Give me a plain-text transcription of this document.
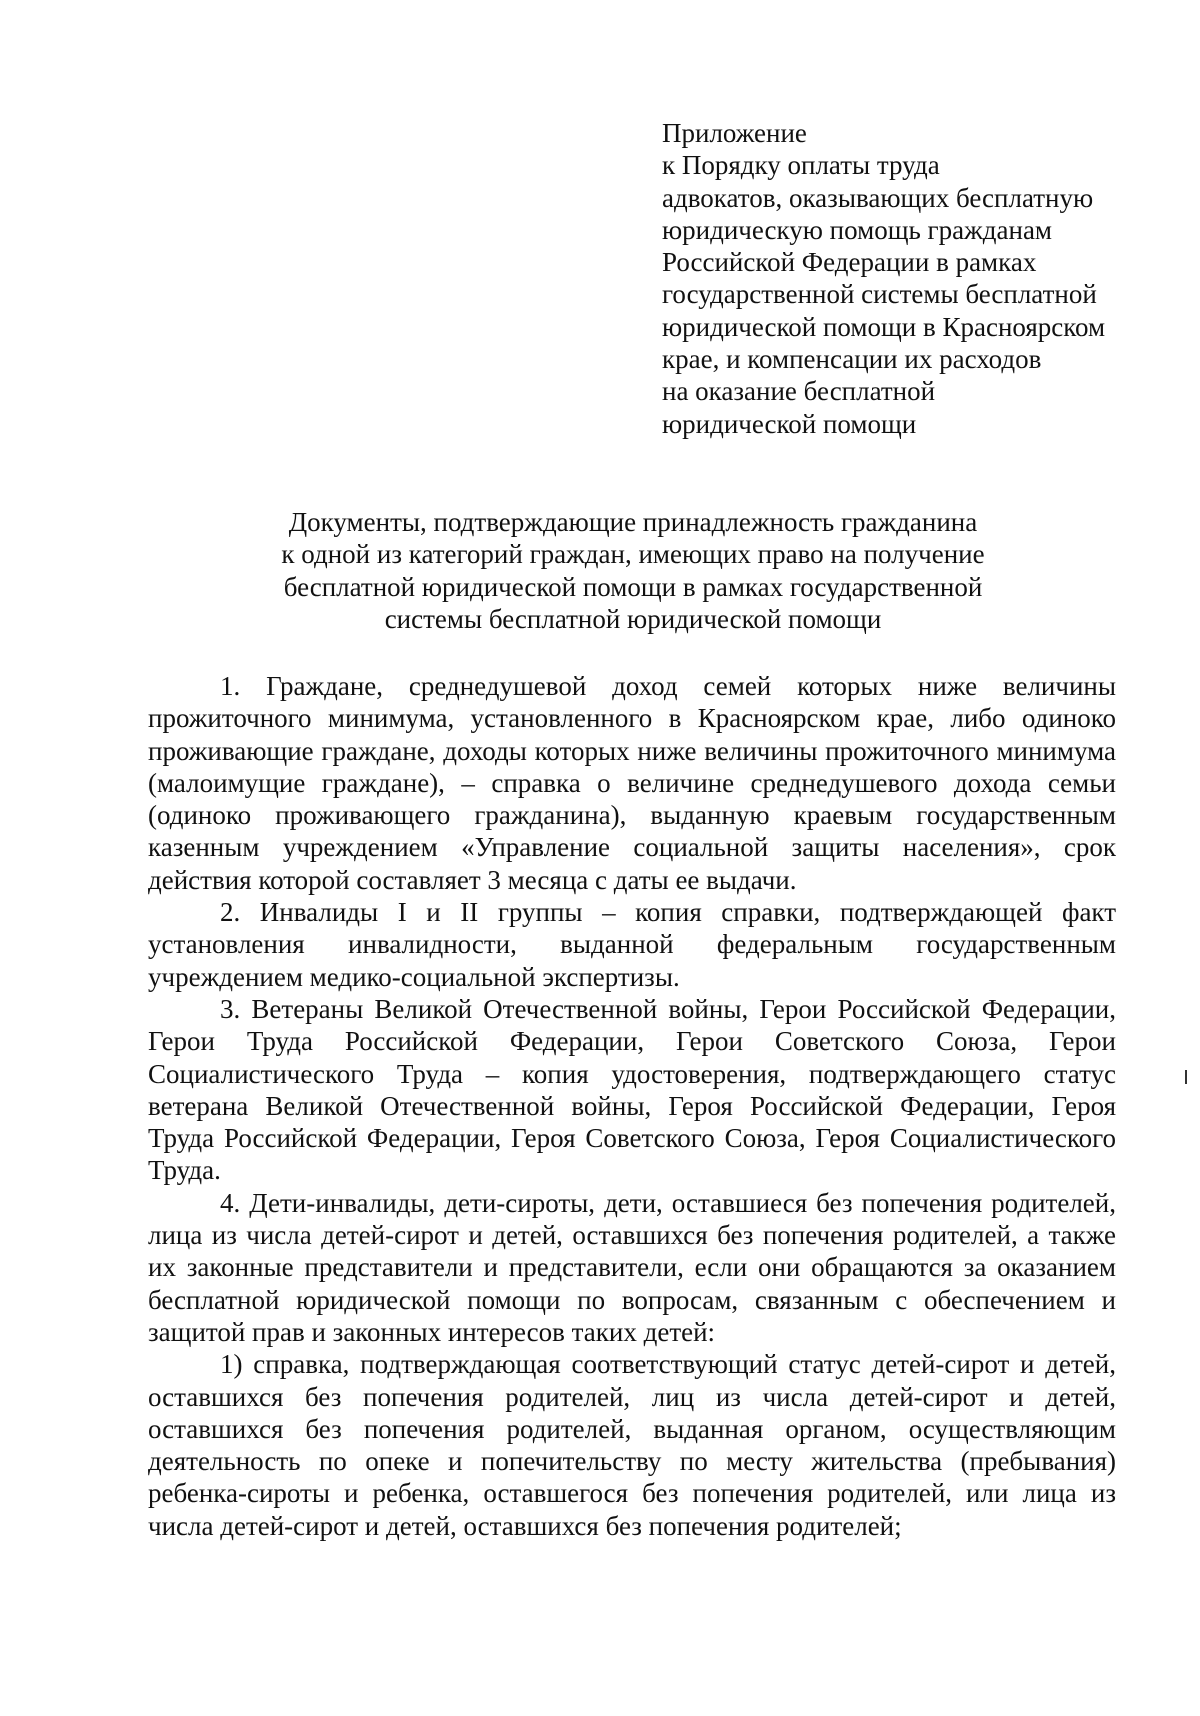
Приложение
к Порядку оплаты труда
адвокатов, оказывающих бесплатную
юридическую помощь гражданам
Российской Федерации в рамках
государственной системы бесплатной
юридической помощи в Красноярском
крае, и компенсации их расходов
на оказание бесплатной
юридической помощи
Документы, подтверждающие принадлежность гражданина
к одной из категорий граждан, имеющих право на получение
бесплатной юридической помощи в рамках государственной
системы бесплатной юридической помощи

1. Граждане, среднедушевой доход семей которых ниже величины прожиточного минимума, установленного в Красноярском крае, либо одиноко проживающие граждане, доходы которых ниже величины прожиточного минимума (малоимущие граждане), – справка о величине среднедушевого дохода семьи (одиноко проживающего гражданина), выданную краевым государственным казенным учреждением «Управление социальной защиты населения», срок действия которой составляет 3 месяца с даты ее выдачи.

2. Инвалиды I и II группы – копия справки, подтверждающей факт установления инвалидности, выданной федеральным государственным учреждением медико-социальной экспертизы.

3. Ветераны Великой Отечественной войны, Герои Российской Федерации, Герои Труда Российской Федерации, Герои Советского Союза, Герои Социалистического Труда – копия удостоверения, подтверждающего статус ветерана Великой Отечественной войны, Героя Российской Федерации, Героя Труда Российской Федерации, Героя Советского Союза, Героя Социалистического Труда.

4. Дети-инвалиды, дети-сироты, дети, оставшиеся без попечения родителей, лица из числа детей-сирот и детей, оставшихся без попечения родителей, а также их законные представители и представители, если они обращаются за оказанием бесплатной юридической помощи по вопросам, связанным с обеспечением и защитой прав и законных интересов таких детей:

1) справка, подтверждающая соответствующий статус детей-сирот и детей, оставшихся без попечения родителей, лиц из числа детей-сирот и детей, оставшихся без попечения родителей, выданная органом, осуществляющим деятельность по опеке и попечительству по месту жительства (пребывания) ребенка-сироты и ребенка, оставшегося без попечения родителей, или лица из числа детей-сирот и детей, оставшихся без попечения родителей;
